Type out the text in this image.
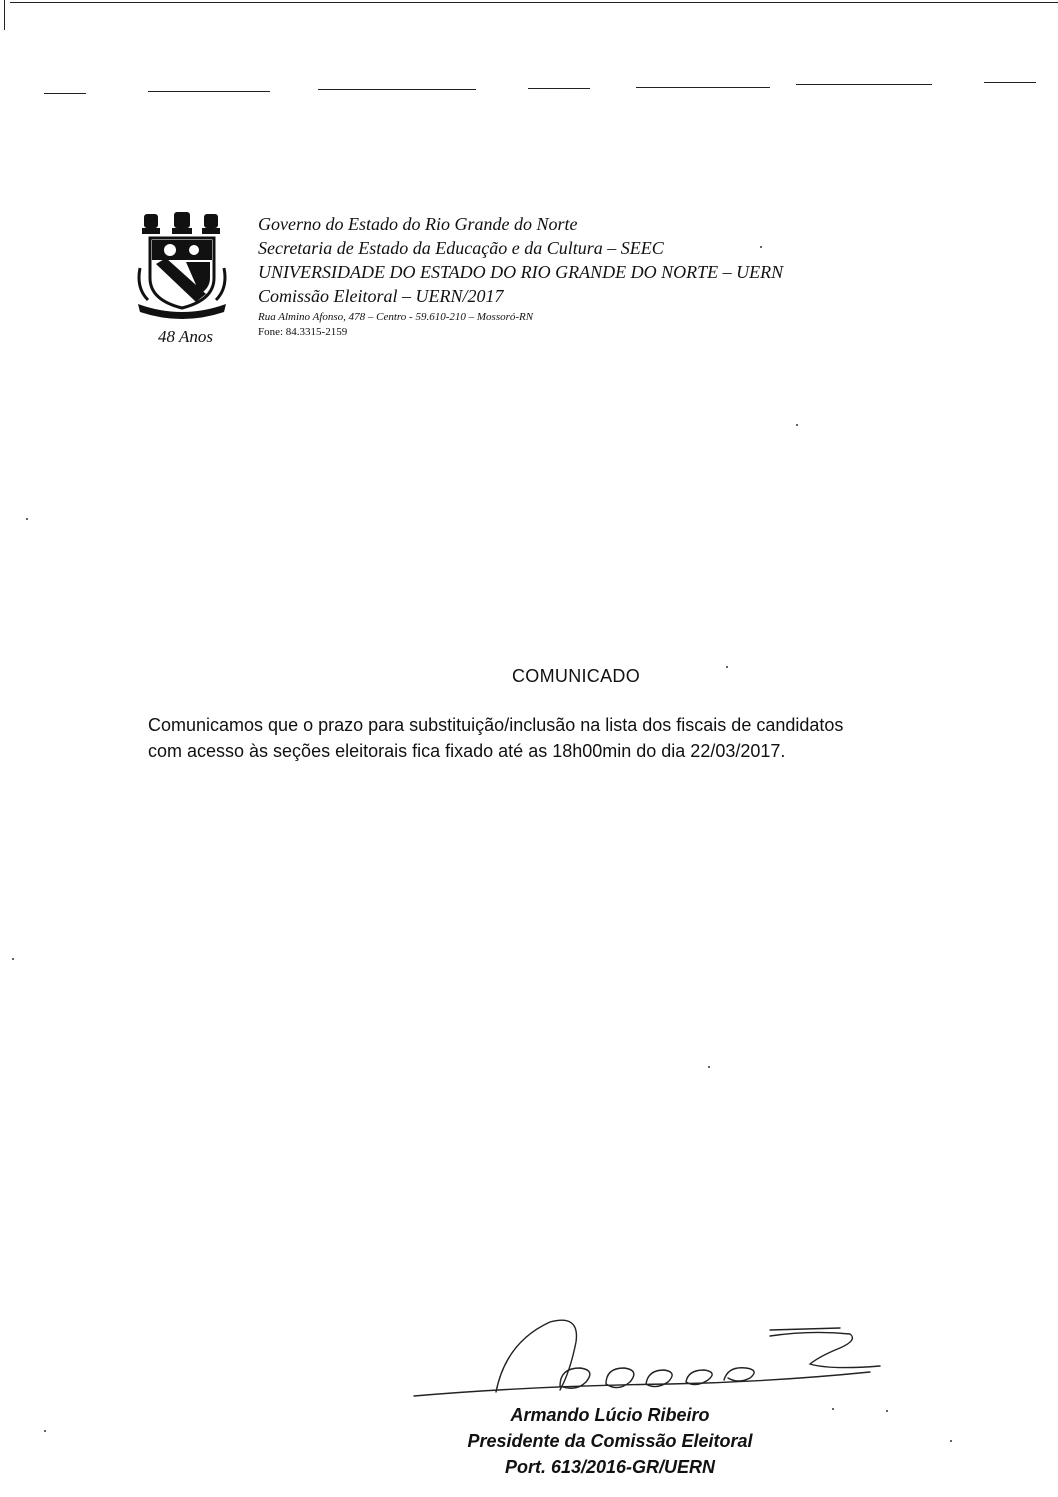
48 Anos
Governo do Estado do Rio Grande do Norte
Secretaria de Estado da Educação e da Cultura – SEEC
UNIVERSIDADE DO ESTADO DO RIO GRANDE DO NORTE – UERN
Comissão Eleitoral – UERN/2017
Rua Almino Afonso, 478 – Centro - 59.610-210 – Mossoró-RN
Fone: 84.3315-2159
COMUNICADO
Comunicamos que o prazo para substituição/inclusão na lista dos fiscais de candidatos
com acesso às seções eleitorais fica fixado até as 18h00min do dia 22/03/2017.
Armando Lúcio Ribeiro
Presidente da Comissão Eleitoral
Port. 613/2016-GR/UERN
